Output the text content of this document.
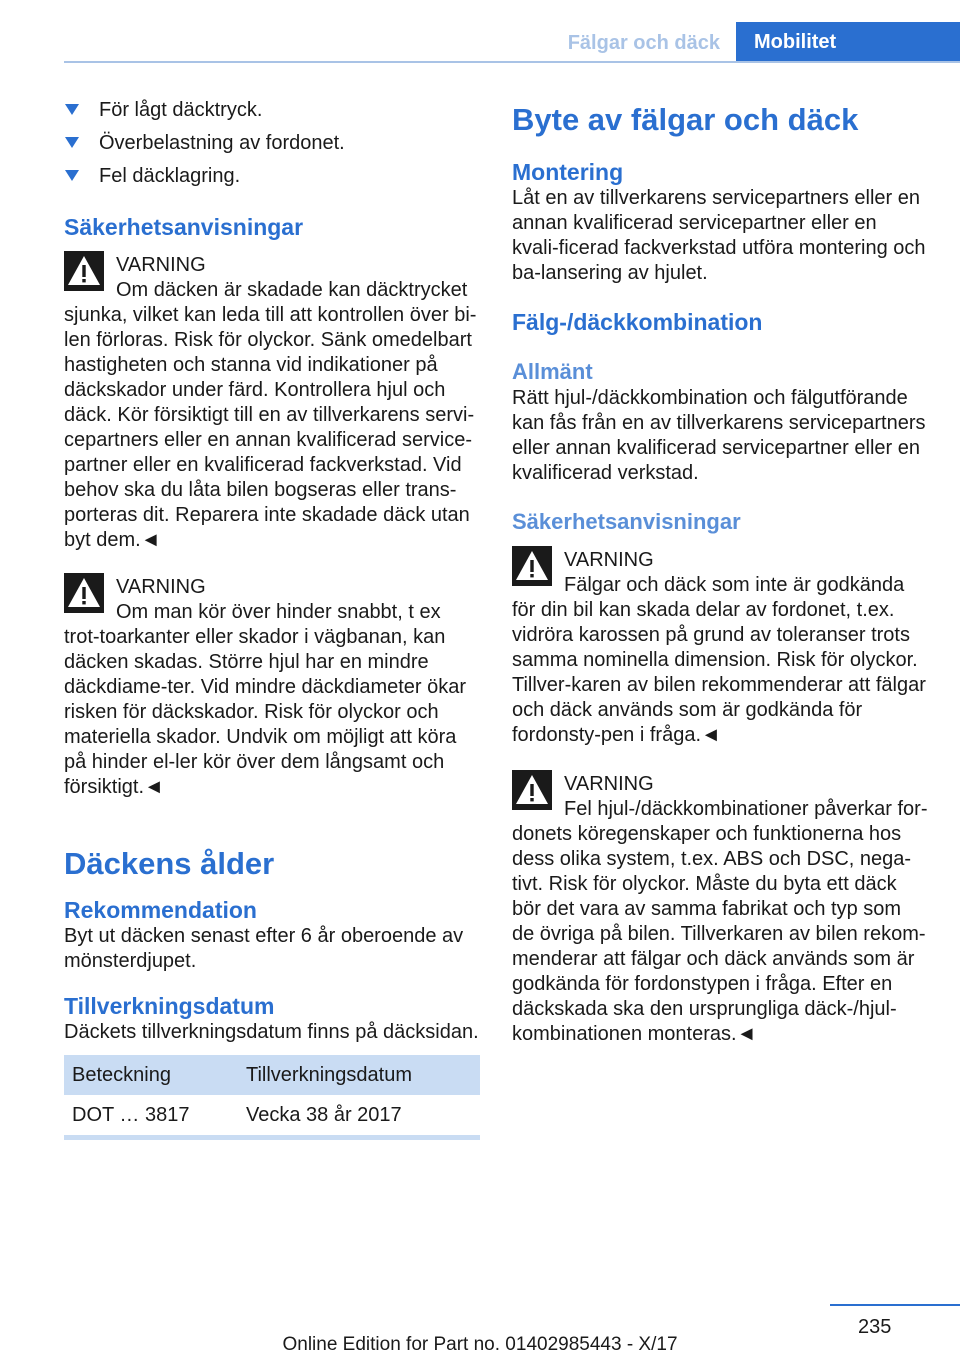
Fälgar och däck	Mobilitet
För lågt däcktryck.
Överbelastning av fordonet.
Fel däcklagring.
Säkerhetsanvisningar
VARNING
Om däcken är skadade kan däcktrycket sjunka, vilket kan leda till att kontrollen över bi-len förloras. Risk för olyckor. Sänk omedelbart hastigheten och stanna vid indikationer på däckskador under färd. Kontrollera hjul och däck. Kör försiktigt till en av tillverkarens servi-cepartners eller en annan kvalificerad service-partner eller en kvalificerad fackverkstad. Vid behov ska du låta bilen bogseras eller trans-porteras dit. Reparera inte skadade däck utan byt dem.◄
VARNING
Om man kör över hinder snabbt, t ex trot-toarkanter eller skador i vägbanan, kan däcken skadas. Större hjul har en mindre däckdiame-ter. Vid mindre däckdiameter ökar risken för däckskador. Risk för olyckor och materiella skador. Undvik om möjligt att köra på hinder el-ler kör över dem långsamt och försiktigt.◄
Däckens ålder
Rekommendation

Byt ut däcken senast efter 6 år oberoende av mönsterdjupet.

Tillverkningsdatum

Däckets tillverkningsdatum finns på däcksidan.

Beteckning	Tillverkningsdatum
DOT … 3817	Vecka 38 år 2017
Byte av fälgar och däck
Montering

Låt en av tillverkarens servicepartners eller en annan kvalificerad servicepartner eller en kvali-ficerad fackverkstad utföra montering och ba-lansering av hjulet.

Fälg-/däckkombination
Allmänt

Rätt hjul-/däckkombination och fälgutförande kan fås från en av tillverkarens servicepartners eller annan kvalificerad servicepartner eller en kvalificerad verkstad.

Säkerhetsanvisningar
VARNING
Fälgar och däck som inte är godkända för din bil kan skada delar av fordonet, t.ex. vidröra karossen på grund av toleranser trots samma nominella dimension. Risk för olyckor. Tillver-karen av bilen rekommenderar att fälgar och däck används som är godkända för fordonsty-pen i fråga.◄
VARNING
Fel hjul-/däckkombinationer påverkar for-donets köregenskaper och funktionerna hos dess olika system, t.ex. ABS och DSC, nega-tivt. Risk för olyckor. Måste du byta ett däck bör det vara av samma fabrikat och typ som de övriga på bilen. Tillverkaren av bilen rekom-menderar att fälgar och däck används som är godkända för fordonstypen i fråga. Efter en däckskada ska den ursprungliga däck-/hjul-kombinationen monteras.◄
235
Online Edition for Part no. 01402985443 - X/17
